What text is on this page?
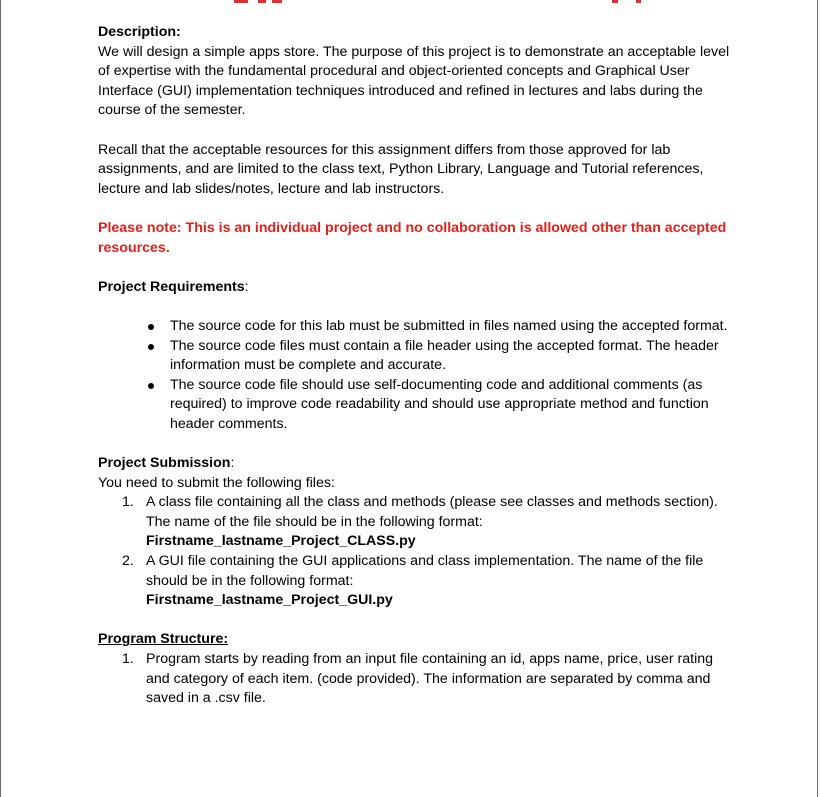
Description:

We will design a simple apps store. The purpose of this project is to demonstrate an acceptable level of expertise with the fundamental procedural and object-oriented concepts and Graphical User Interface (GUI) implementation techniques introduced and refined in lectures and labs during the course of the semester.

Recall that the acceptable resources for this assignment differs from those approved for lab assignments, and are limited to the class text, Python Library, Language and Tutorial references, lecture and lab slides/notes, lecture and lab instructors.

Please note: This is an individual project and no collaboration is allowed other than accepted resources.

Project Requirements:

The source code for this lab must be submitted in files named using the accepted format.
The source code files must contain a file header using the accepted format. The header information must be complete and accurate.
The source code file should use self-documenting code and additional comments (as required) to improve code readability and should use appropriate method and function header comments.

Project Submission:

You need to submit the following files:

1. A class file containing all the class and methods (please see classes and methods section). The name of the file should be in the following format:
Firstname_lastname_Project_CLASS.py
2. A GUI file containing the GUI applications and class implementation. The name of the file should be in the following format:
Firstname_lastname_Project_GUI.py

Program Structure:

1. Program starts by reading from an input file containing an id, apps name, price, user rating and category of each item. (code provided). The information are separated by comma and saved in a .csv file.
